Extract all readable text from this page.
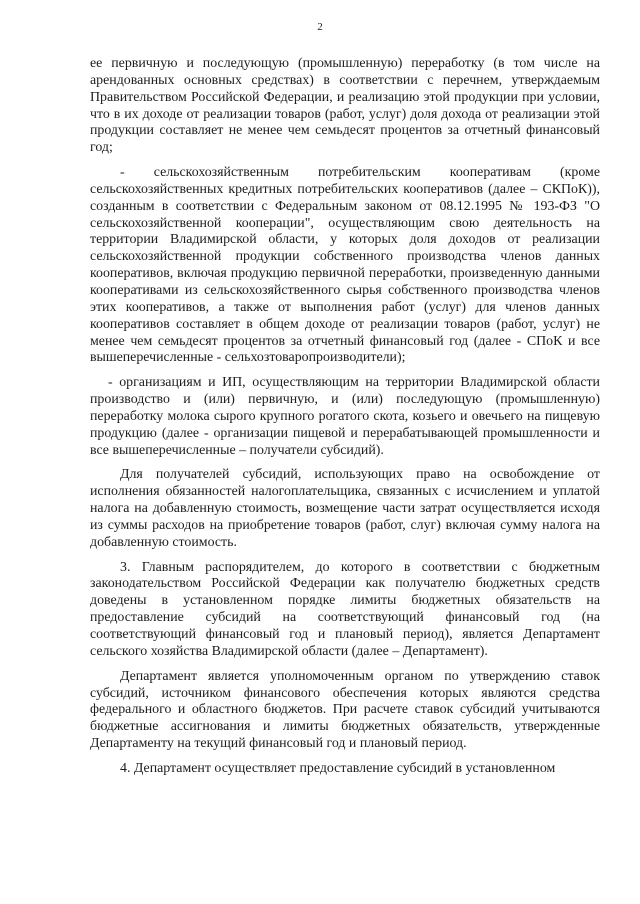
2

ее первичную и последующую (промышленную) переработку (в том числе на арендованных основных средствах) в соответствии с перечнем, утверждаемым Правительством Российской Федерации, и реализацию этой продукции при условии, что в их доходе от реализации товаров (работ, услуг) доля дохода от реализации этой продукции составляет не менее чем семьдесят процентов за отчетный финансовый год;

- сельскохозяйственным потребительским кооперативам (кроме сельскохозяйственных кредитных потребительских кооперативов (далее – СКПоК)), созданным в соответствии с Федеральным законом от 08.12.1995 № 193-ФЗ "О сельскохозяйственной кооперации", осуществляющим свою деятельность на территории Владимирской области, у которых доля доходов от реализации сельскохозяйственной продукции собственного производства членов данных кооперативов, включая продукцию первичной переработки, произведенную данными кооперативами из сельскохозяйственного сырья собственного производства членов этих кооперативов, а также от выполнения работ (услуг) для членов данных кооперативов составляет в общем доходе от реализации товаров (работ, услуг) не менее чем семьдесят процентов за отчетный финансовый год (далее - СПоК и все вышеперечисленные - сельхозтоваропроизводители);

- организациям и ИП, осуществляющим на территории Владимирской области производство и (или) первичную, и (или) последующую (промышленную) переработку молока сырого крупного рогатого скота, козьего и овечьего на пищевую продукцию (далее - организации пищевой и перерабатывающей промышленности и все вышеперечисленные – получатели субсидий).

Для получателей субсидий, использующих право на освобождение от исполнения обязанностей налогоплательщика, связанных с исчислением и уплатой налога на добавленную стоимость, возмещение части затрат осуществляется исходя из суммы расходов на приобретение товаров (работ, слуг) включая сумму налога на добавленную стоимость.

3. Главным распорядителем, до которого в соответствии с бюджетным законодательством Российской Федерации как получателю бюджетных средств доведены в установленном порядке лимиты бюджетных обязательств на предоставление субсидий на соответствующий финансовый год (на соответствующий финансовый год и плановый период), является Департамент сельского хозяйства Владимирской области (далее – Департамент).

Департамент является уполномоченным органом по утверждению ставок субсидий, источником финансового обеспечения которых являются средства федерального и областного бюджетов. При расчете ставок субсидий учитываются бюджетные ассигнования и лимиты бюджетных обязательств, утвержденные Департаменту на текущий финансовый год и плановый период.

4. Департамент осуществляет предоставление субсидий в установленном
